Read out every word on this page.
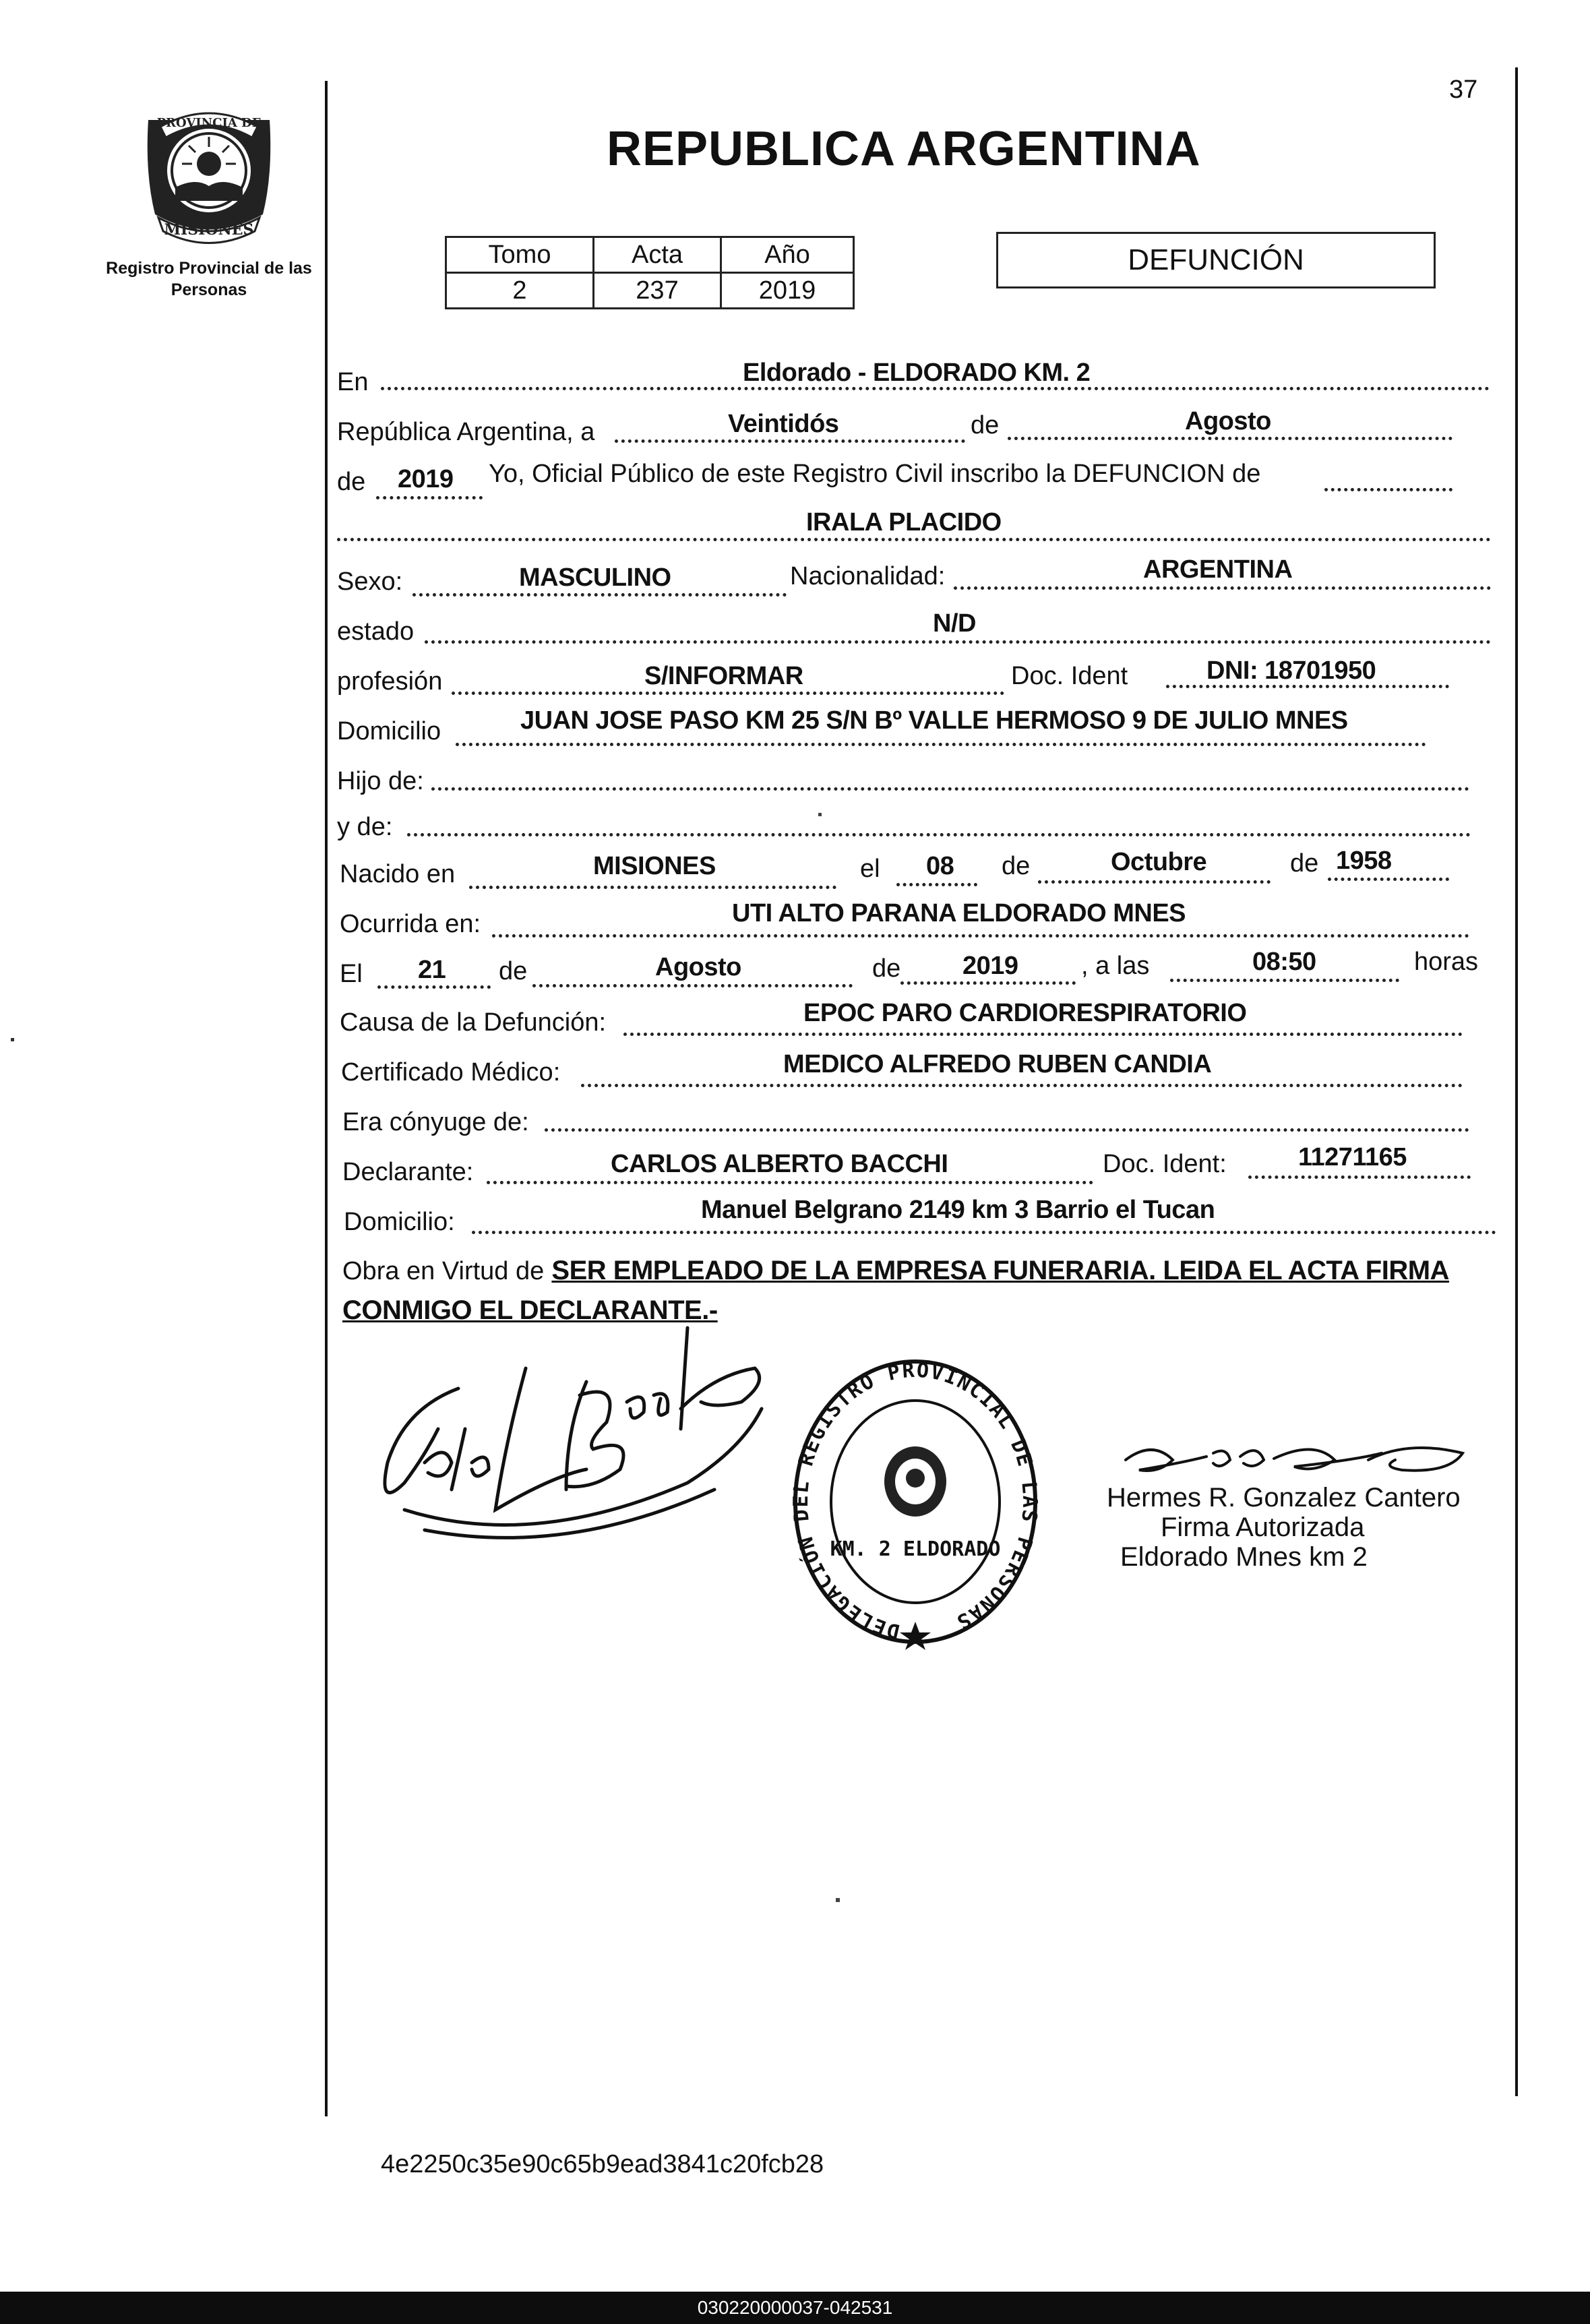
37
PROVINCIA DE
MISIONES
Registro Provincial de las Personas
REPUBLICA ARGENTINA
Tomo	Acta	Año
2	237	2019
DEFUNCIÓN
En	Eldorado - ELDORADO KM. 2
República Argentina, a	Veintidós	de	Agosto
de 2019 Yo, Oficial Público de este Registro Civil inscribo la DEFUNCION de
IRALA PLACIDO
Sexo:	MASCULINO	Nacionalidad:	ARGENTINA
estado	N/D
profesión	S/INFORMAR	Doc. Ident	DNI: 18701950
Domicilio	JUAN JOSE PASO KM 25 S/N Bº VALLE HERMOSO 9 DE JULIO MNES
Hijo de:
y de:
Nacido en	MISIONES	el 08 de	Octubre	de 1958
Ocurrida en:	UTI ALTO PARANA ELDORADO MNES
El 21 de	Agosto	de 2019 , a las	08:50	horas
Causa de la Defunción:	EPOC PARO CARDIORESPIRATORIO
Certificado Médico:	MEDICO ALFREDO RUBEN CANDIA
Era cónyuge de:
Declarante:	CARLOS ALBERTO BACCHI	Doc. Ident:	11271165
Domicilio:	Manuel Belgrano 2149 km 3 Barrio el Tucan
Obra en Virtud de SER EMPLEADO DE LA EMPRESA FUNERARIA. LEIDA EL ACTA FIRMA
CONMIGO EL DECLARANTE.-
DELEGACIÓN DEL REGISTRO PROVINCIAL DE LAS PERSONAS
KM. 2 ELDORADO
Hermes R. Gonzalez Cantero
Firma Autorizada
Eldorado Mnes km 2
4e2250c35e90c65b9ead3841c20fcb28
030220000037-042531
